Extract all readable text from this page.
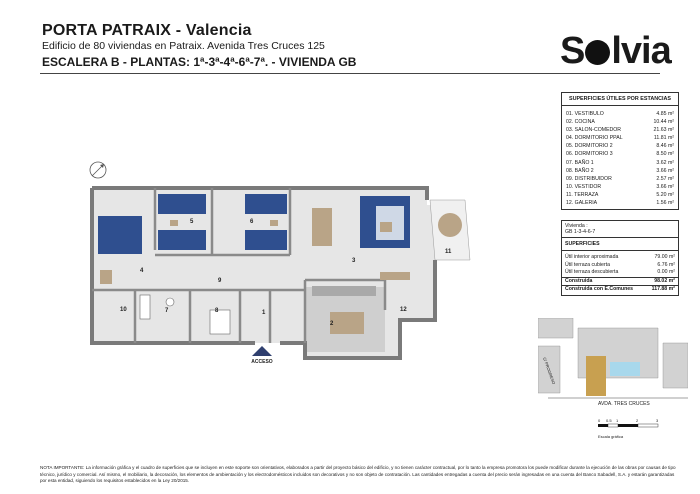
PORTA PATRAIX - Valencia
Edificio de 80 viviendas en Patraix. Avenida Tres Cruces 125
ESCALERA B - PLANTAS: 1ª-3ª-4ª-6ª-7ª. - VIVIENDA GB	S lvia
SUPERFICIES ÚTILES POR ESTANCIAS
01. VESTIBULO	4.85 m²
02. COCINA	10.44 m²
03. SALON-COMEDOR	21.63 m²
04. DORMITORIO PPAL	11.81 m²
05. DORMITORIO 2	8.46 m²
06. DORMITORIO 3	8.50 m²
07. BAÑO 1	3.62 m²
08. BAÑO 2	3.66 m²
09. DISTRIBUIDOR	2.57 m²
10. VESTIDOR	3.66 m²
11. TERRAZA	5.20 m²
12. GALERIA	1.56 m²
Vivienda :
GB 1-3-4-6-7
SUPERFICIES
Útil interior aproximada	79.00 m²
Útil terraza cubierta	6.76 m²
Útil terraza descubierta	0.00 m²
Construida	98.02 m²
Construida con E.Comunes	117.88 m²
1
2
3
4
5	6
7	8
9
10
11
12
ACCESO
AVDA. TRES CRUCES
C/ PROGRESO
0 0.5 1	2	3
Escala gráfica
NOTA IMPORTANTE: La información gráfica y el cuadro de superficies que se incluyen en este soporte son orientativos, elaborados a partir del proyecto básico del edificio, y no tienen carácter contractual, por lo tanto la empresa promotora los puede modificar durante la ejecución de las obras por causas de tipo técnico, jurídico y comercial. Así mismo, el mobiliario, la decoración, los elementos de ambientación y los electrodomésticos incluidos son decorativos y no son objeto de contratación. Las cantidades entregadas a cuenta del precio serán ingresadas en una cuenta del Banco Sabadell, S.A. y estarán garantizadas por esta entidad, siguiendo los requisitos establecidos en la Ley 20/2015.
